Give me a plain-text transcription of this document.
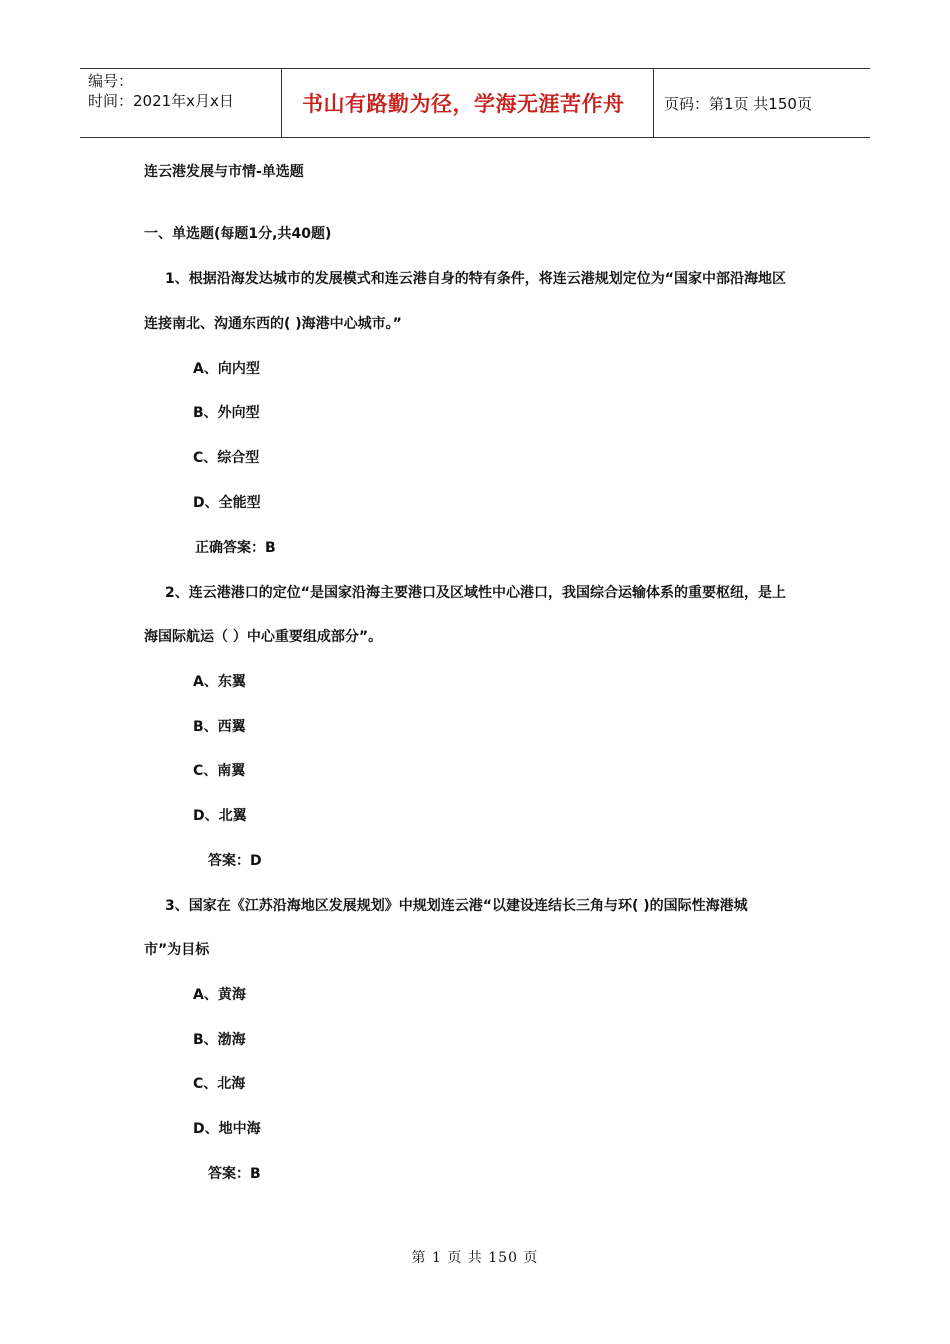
编号：
时间：2021年x月x日	书山有路勤为径，学海无涯苦作舟	页码：第1页 共150页
连云港发展与市情-单选题
一、单选题(每题1分,共40题)
1、根据沿海发达城市的发展模式和连云港自身的特有条件，将连云港规划定位为“国家中部沿海地区
连接南北、沟通东西的( )海港中心城市。”
A、向内型
B、外向型
C、综合型
D、全能型
正确答案：B
2、连云港港口的定位“是国家沿海主要港口及区域性中心港口，我国综合运输体系的重要枢纽，是上
海国际航运（ ）中心重要组成部分”。
A、东翼
B、西翼
C、南翼
D、北翼
答案：D
3、国家在《江苏沿海地区发展规划》中规划连云港“以建设连结长三角与环( )的国际性海港城
市”为目标
A、黄海
B、渤海
C、北海
D、地中海
答案：B
第 1 页 共 150 页
